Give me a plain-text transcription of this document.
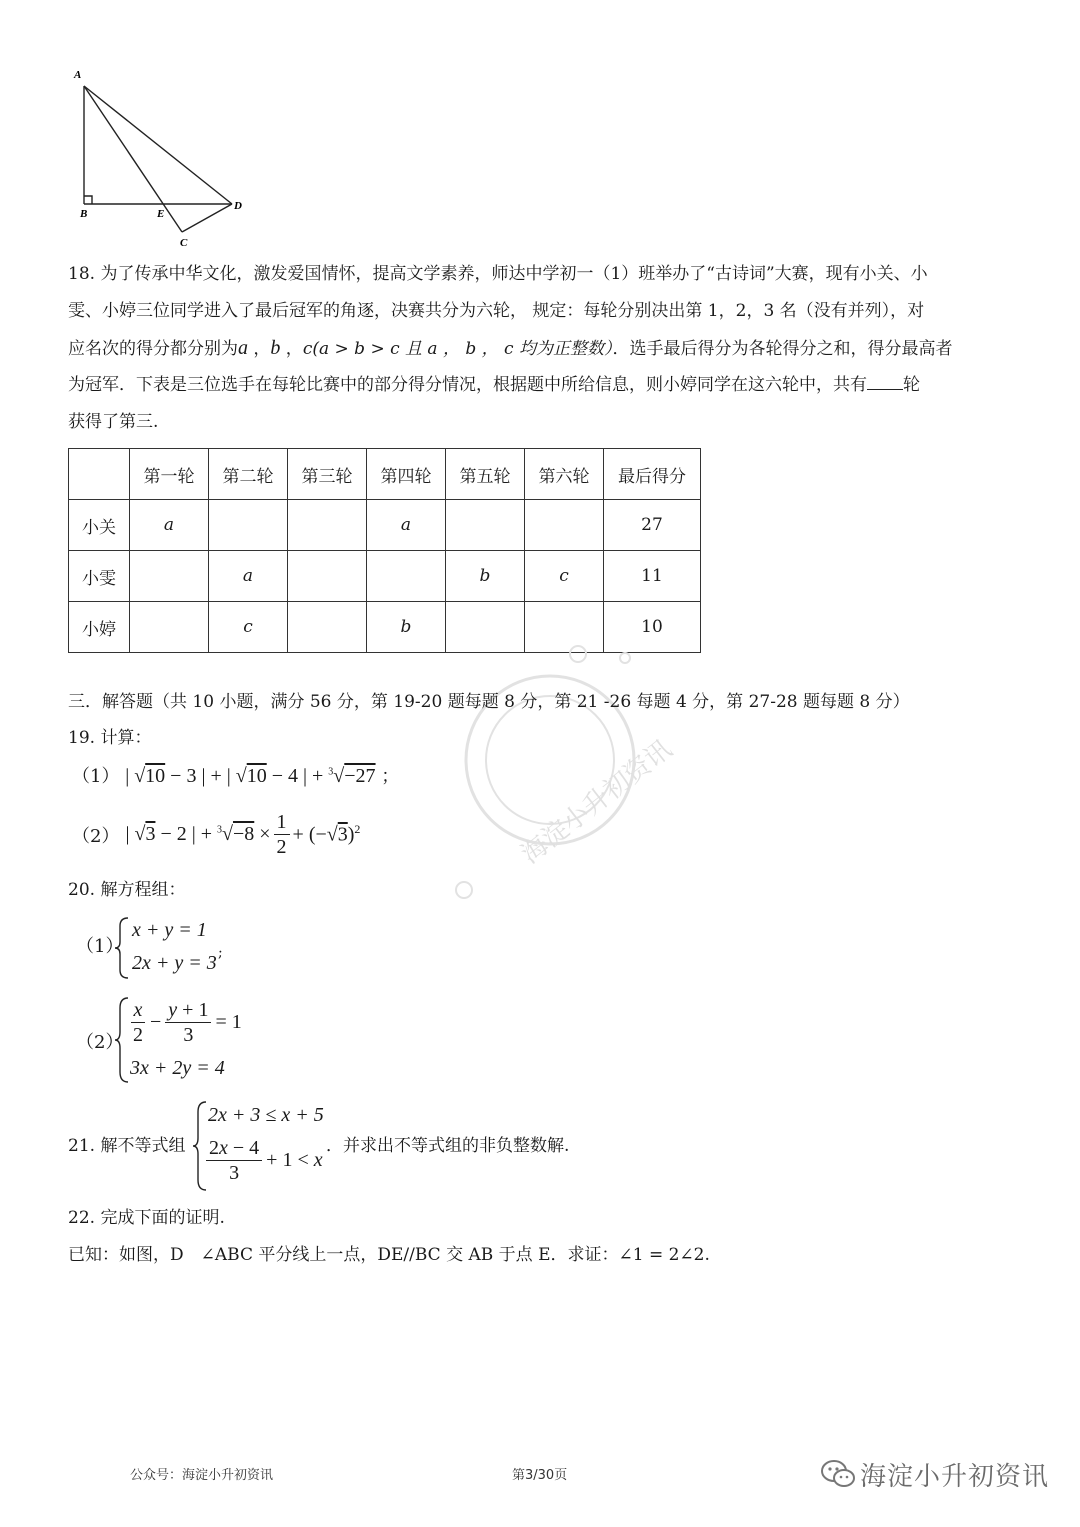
A
B	E
D
C
18. 为了传承中华文化，激发爱国情怀，提高文学素养，师达中学初一（1）班举办了“古诗词”大赛，现有小关、小
雯、小婷三位同学进入了最后冠军的角逐，决赛共分为六轮， 规定：每轮分别决出第 1，2，3 名（没有并列），对
应名次的得分都分别为a ，b ，c(a > b > c 且 a ， b ， c 均为正整数）．选手最后得分为各轮得分之和，得分最高者
为冠军．下表是三位选手在每轮比赛中的部分得分情况，根据题中所给信息，则小婷同学在这六轮中，共有 轮
获得了第三.
	第一轮	第二轮	第三轮	第四轮	第五轮	第六轮	最后得分
小关	a			a			27
小雯		a			b	c	11
小婷		c		b			10
海淀小升初资讯
三．解答题（共 10 小题，满分 56 分，第 19-20 题每题 8 分，第 21 -26 每题 4 分，第 27-28 题每题 8 分）
19. 计算：
（1） | √10 − 3 | + | √10 − 4 | + $^3$√−27 ；
（2） | √3 − 2 | + $^3√-8 \times \frac{1}{2} + (-√3)^2$
20. 解方程组：
（1）
x + y = 1
2x + y = 3 ;
$(2) \frac{x}{2} - \frac{y + 1}{3} = 1$
3x + 2y = 4
21. 解不等式组
2x + 3 ≤ x + 5
$\frac{2x - 4}{3} + 1 < x$
．并求出不等式组的非负整数解.
22. 完成下面的证明.
已知：如图，D　∠ABC 平分线上一点，DE//BC 交 AB 于点 E．求证：∠1 = 2∠2.
公众号：海淀小升初资讯	第3/30页	海淀小升初资讯
